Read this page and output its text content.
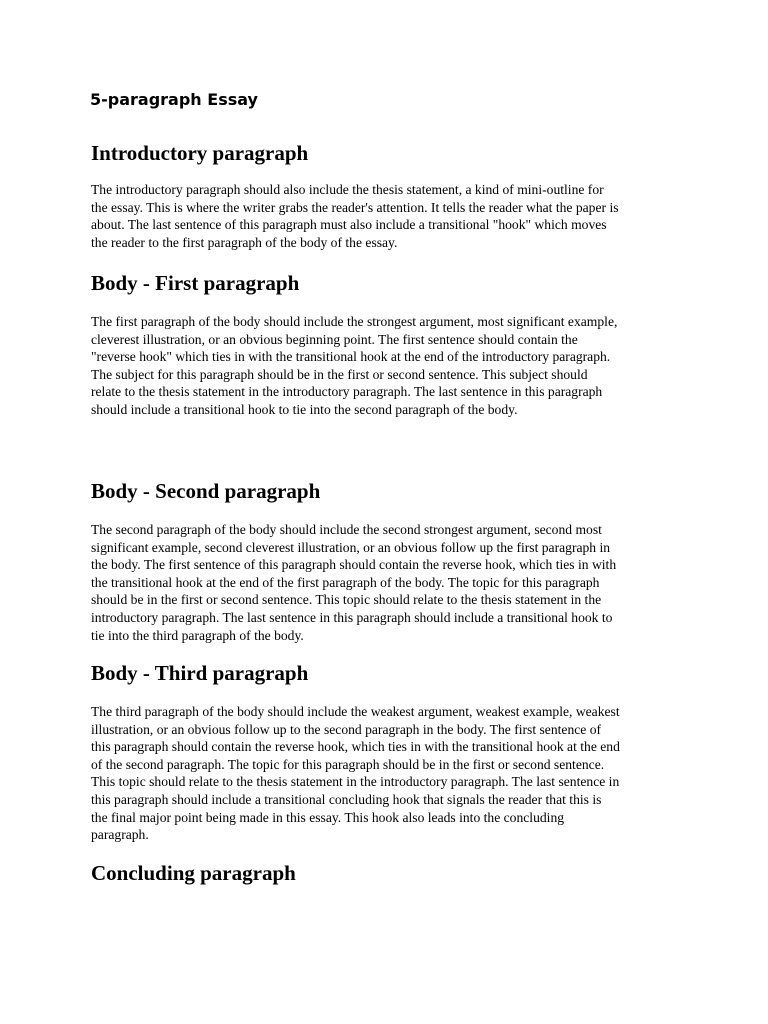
5-paragraph Essay
Introductory paragraph
The introductory paragraph should also include the thesis statement, a kind of mini-outline for
the essay. This is where the writer grabs the reader's attention. It tells the reader what the paper is
about. The last sentence of this paragraph must also include a transitional "hook" which moves
the reader to the first paragraph of the body of the essay.
Body - First paragraph
The first paragraph of the body should include the strongest argument, most significant example,
cleverest illustration, or an obvious beginning point. The first sentence should contain the
"reverse hook" which ties in with the transitional hook at the end of the introductory paragraph.
The subject for this paragraph should be in the first or second sentence. This subject should
relate to the thesis statement in the introductory paragraph. The last sentence in this paragraph
should include a transitional hook to tie into the second paragraph of the body.
Body - Second paragraph
The second paragraph of the body should include the second strongest argument, second most
significant example, second cleverest illustration, or an obvious follow up the first paragraph in
the body. The first sentence of this paragraph should contain the reverse hook, which ties in with
the transitional hook at the end of the first paragraph of the body. The topic for this paragraph
should be in the first or second sentence. This topic should relate to the thesis statement in the
introductory paragraph. The last sentence in this paragraph should include a transitional hook to
tie into the third paragraph of the body.
Body - Third paragraph
The third paragraph of the body should include the weakest argument, weakest example, weakest
illustration, or an obvious follow up to the second paragraph in the body. The first sentence of
this paragraph should contain the reverse hook, which ties in with the transitional hook at the end
of the second paragraph. The topic for this paragraph should be in the first or second sentence.
This topic should relate to the thesis statement in the introductory paragraph. The last sentence in
this paragraph should include a transitional concluding hook that signals the reader that this is
the final major point being made in this essay. This hook also leads into the concluding
paragraph.
Concluding paragraph
